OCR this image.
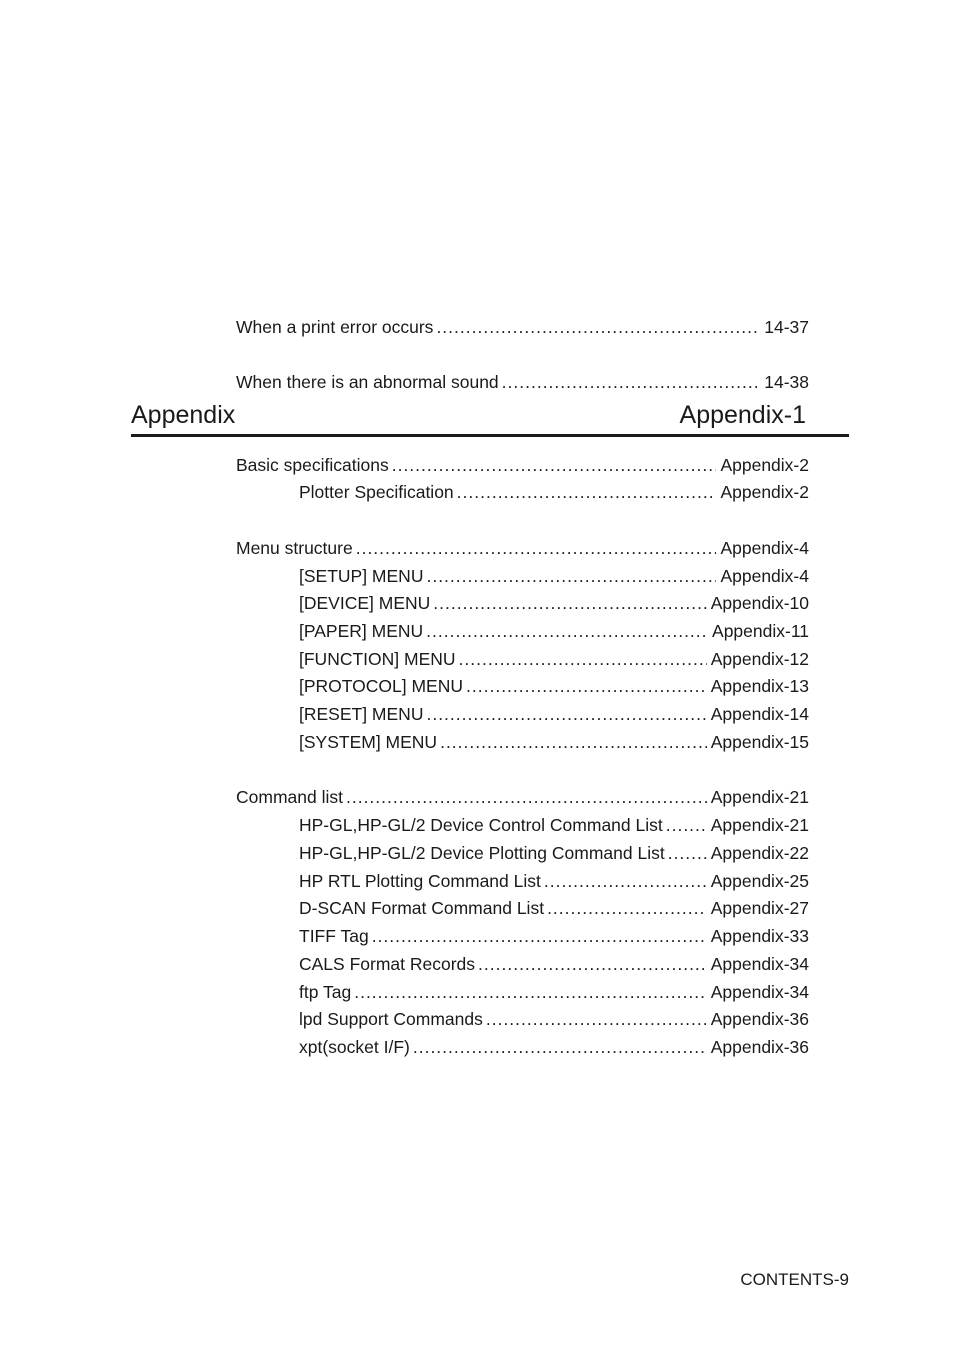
When a print error occurs .....	14-37
When there is an abnormal sound .....	14-38
Appendix	Appendix-1
Basic specifications .....	Appendix-2
Plotter Specification .....	Appendix-2
Menu structure .....	Appendix-4
[SETUP] MENU .....	Appendix-4
[DEVICE] MENU .....	Appendix-10
[PAPER] MENU .....	Appendix-11
[FUNCTION] MENU .....	Appendix-12
[PROTOCOL] MENU .....	Appendix-13
[RESET] MENU .....	Appendix-14
[SYSTEM] MENU .....	Appendix-15
Command list .....	Appendix-21
HP-GL,HP-GL/2 Device Control Command List .....	Appendix-21
HP-GL,HP-GL/2 Device Plotting Command List .....	Appendix-22
HP RTL Plotting Command List .....	Appendix-25
D-SCAN Format Command List .....	Appendix-27
TIFF Tag .....	Appendix-33
CALS Format Records .....	Appendix-34
ftp Tag .....	Appendix-34
lpd Support Commands .....	Appendix-36
xpt(socket I/F) .....	Appendix-36
CONTENTS-9
